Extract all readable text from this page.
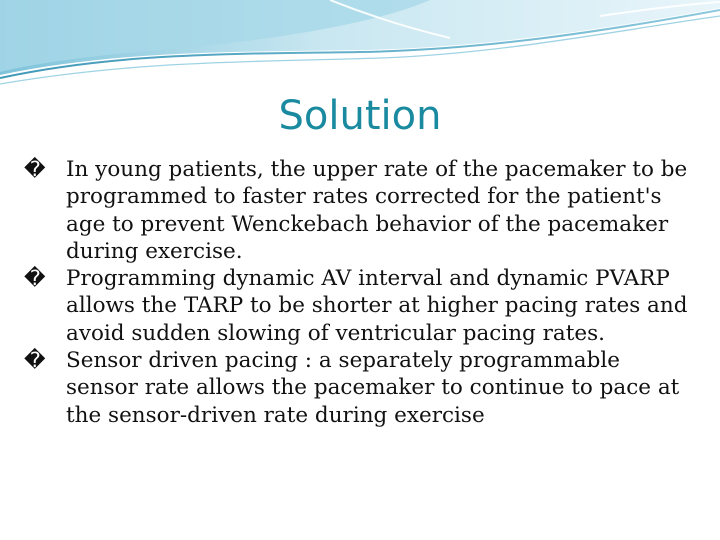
Solution
� In young patients, the upper rate of the pacemaker to be programmed to faster rates corrected for the patient's age to prevent Wenckebach behavior of the pacemaker during exercise.
� Programming dynamic AV interval and dynamic PVARP allows the TARP to be shorter at higher pacing rates and avoid sudden slowing of ventricular pacing rates.
� Sensor driven pacing : a separately programmable sensor rate allows the pacemaker to continue to pace at the sensor-driven rate during exercise
